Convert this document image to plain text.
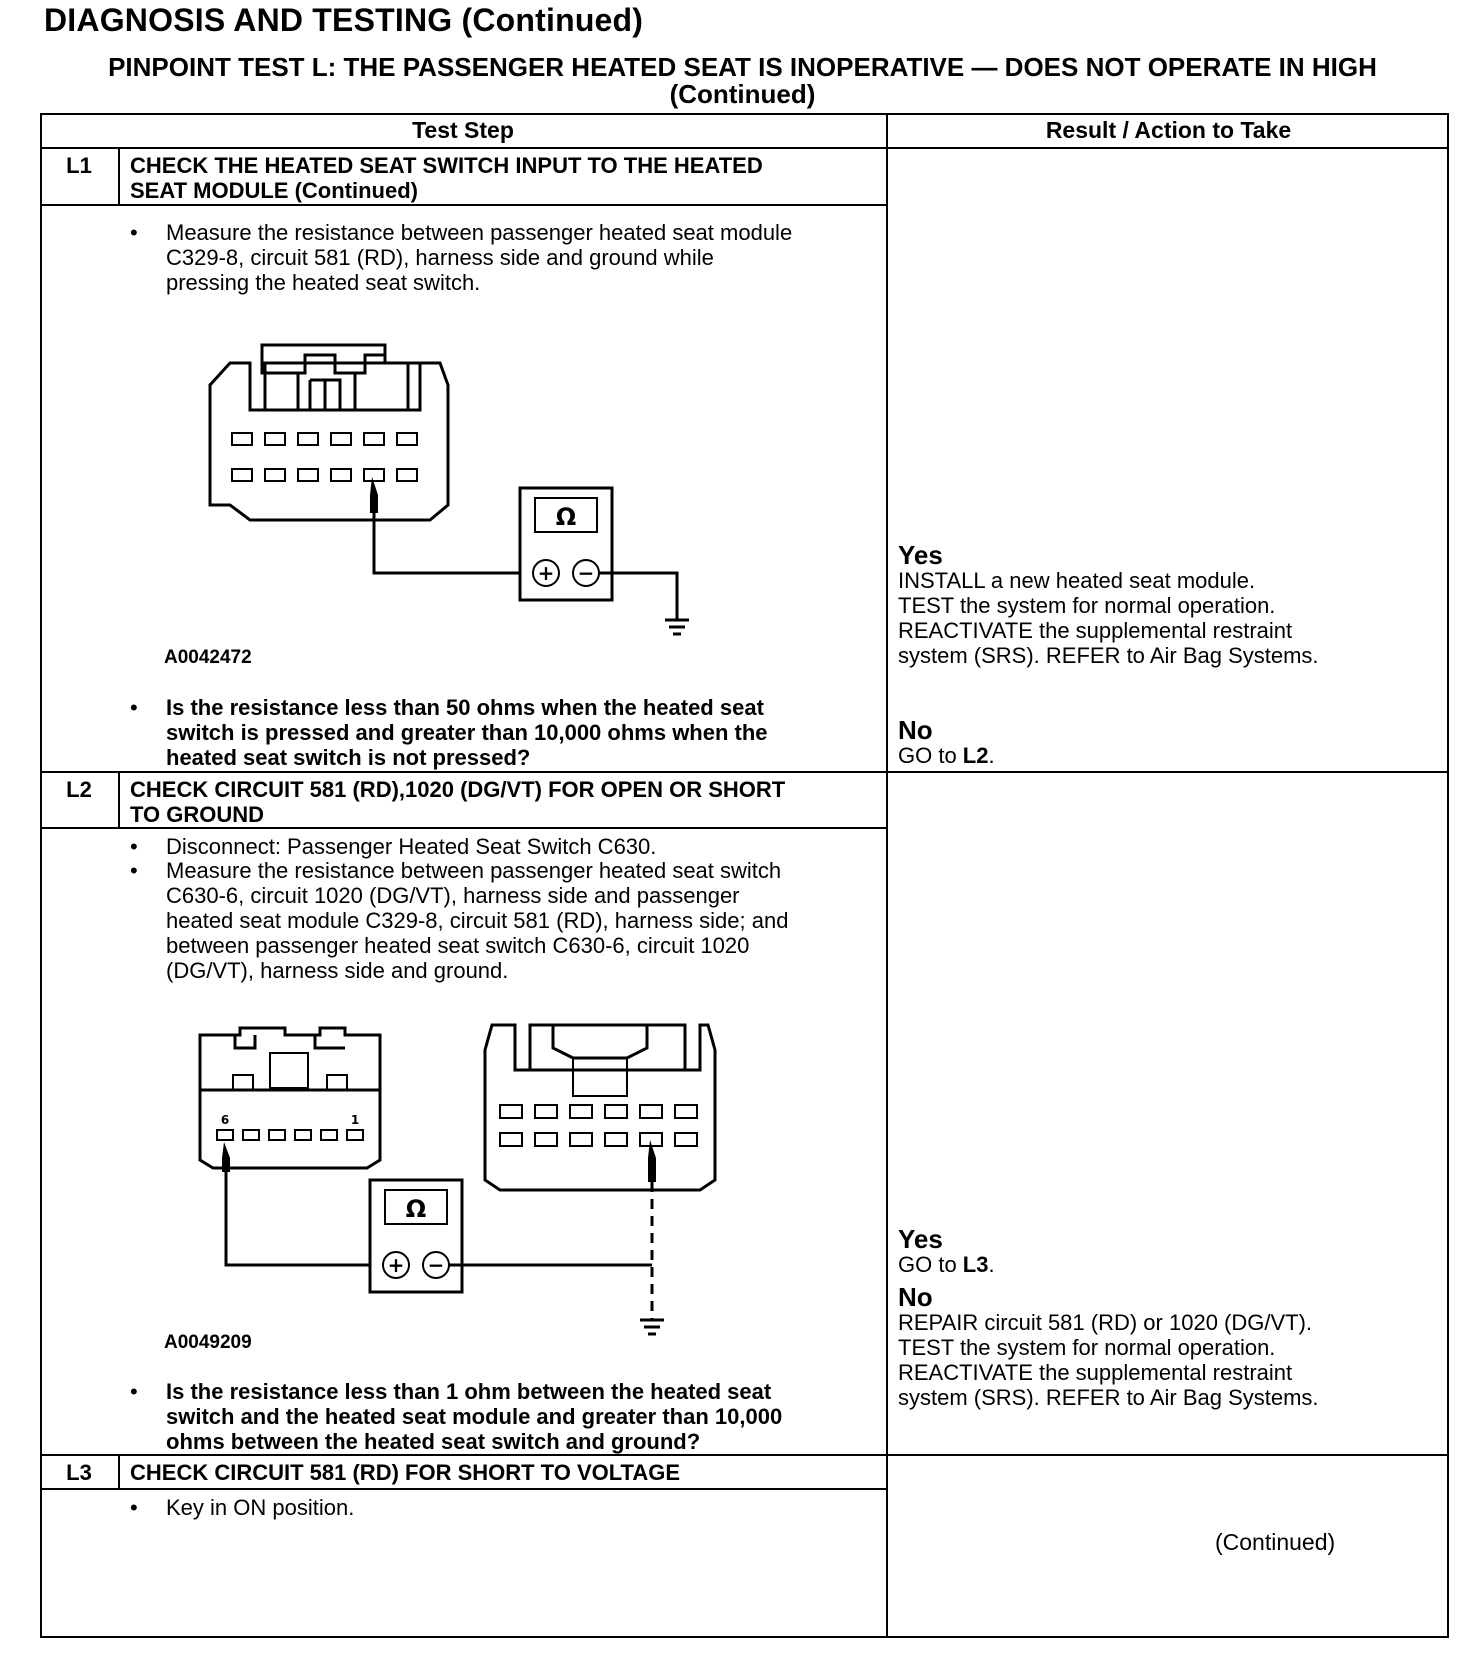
DIAGNOSIS AND TESTING (Continued)
PINPOINT TEST L: THE PASSENGER HEATED SEAT IS INOPERATIVE — DOES NOT OPERATE IN HIGH
(Continued)
Test Step	Result / Action to Take
L1	CHECK THE HEATED SEAT SWITCH INPUT TO THE HEATED
SEAT MODULE (Continued)
• Measure the resistance between passenger heated seat module
C329-8, circuit 581 (RD), harness side and ground while
pressing the heated seat switch.
Ω
+ −
A0042472
• Is the resistance less than 50 ohms when the heated seat
switch is pressed and greater than 10,000 ohms when the
heated seat switch is not pressed?
Yes
INSTALL a new heated seat module.
TEST the system for normal operation.
REACTIVATE the supplemental restraint
system (SRS). REFER to Air Bag Systems.
No
GO to L2.
L2	CHECK CIRCUIT 581 (RD),1020 (DG/VT) FOR OPEN OR SHORT
TO GROUND
• Disconnect: Passenger Heated Seat Switch C630.
• Measure the resistance between passenger heated seat switch
C630-6, circuit 1020 (DG/VT), harness side and passenger
heated seat module C329-8, circuit 581 (RD), harness side; and
between passenger heated seat switch C630-6, circuit 1020
(DG/VT), harness side and ground.
6	1
Ω
+ −
A0049209
• Is the resistance less than 1 ohm between the heated seat
switch and the heated seat module and greater than 10,000
ohms between the heated seat switch and ground?
Yes
GO to L3.
No
REPAIR circuit 581 (RD) or 1020 (DG/VT).
TEST the system for normal operation.
REACTIVATE the supplemental restraint
system (SRS). REFER to Air Bag Systems.
L3	CHECK CIRCUIT 581 (RD) FOR SHORT TO VOLTAGE
• Key in ON position.
(Continued)
